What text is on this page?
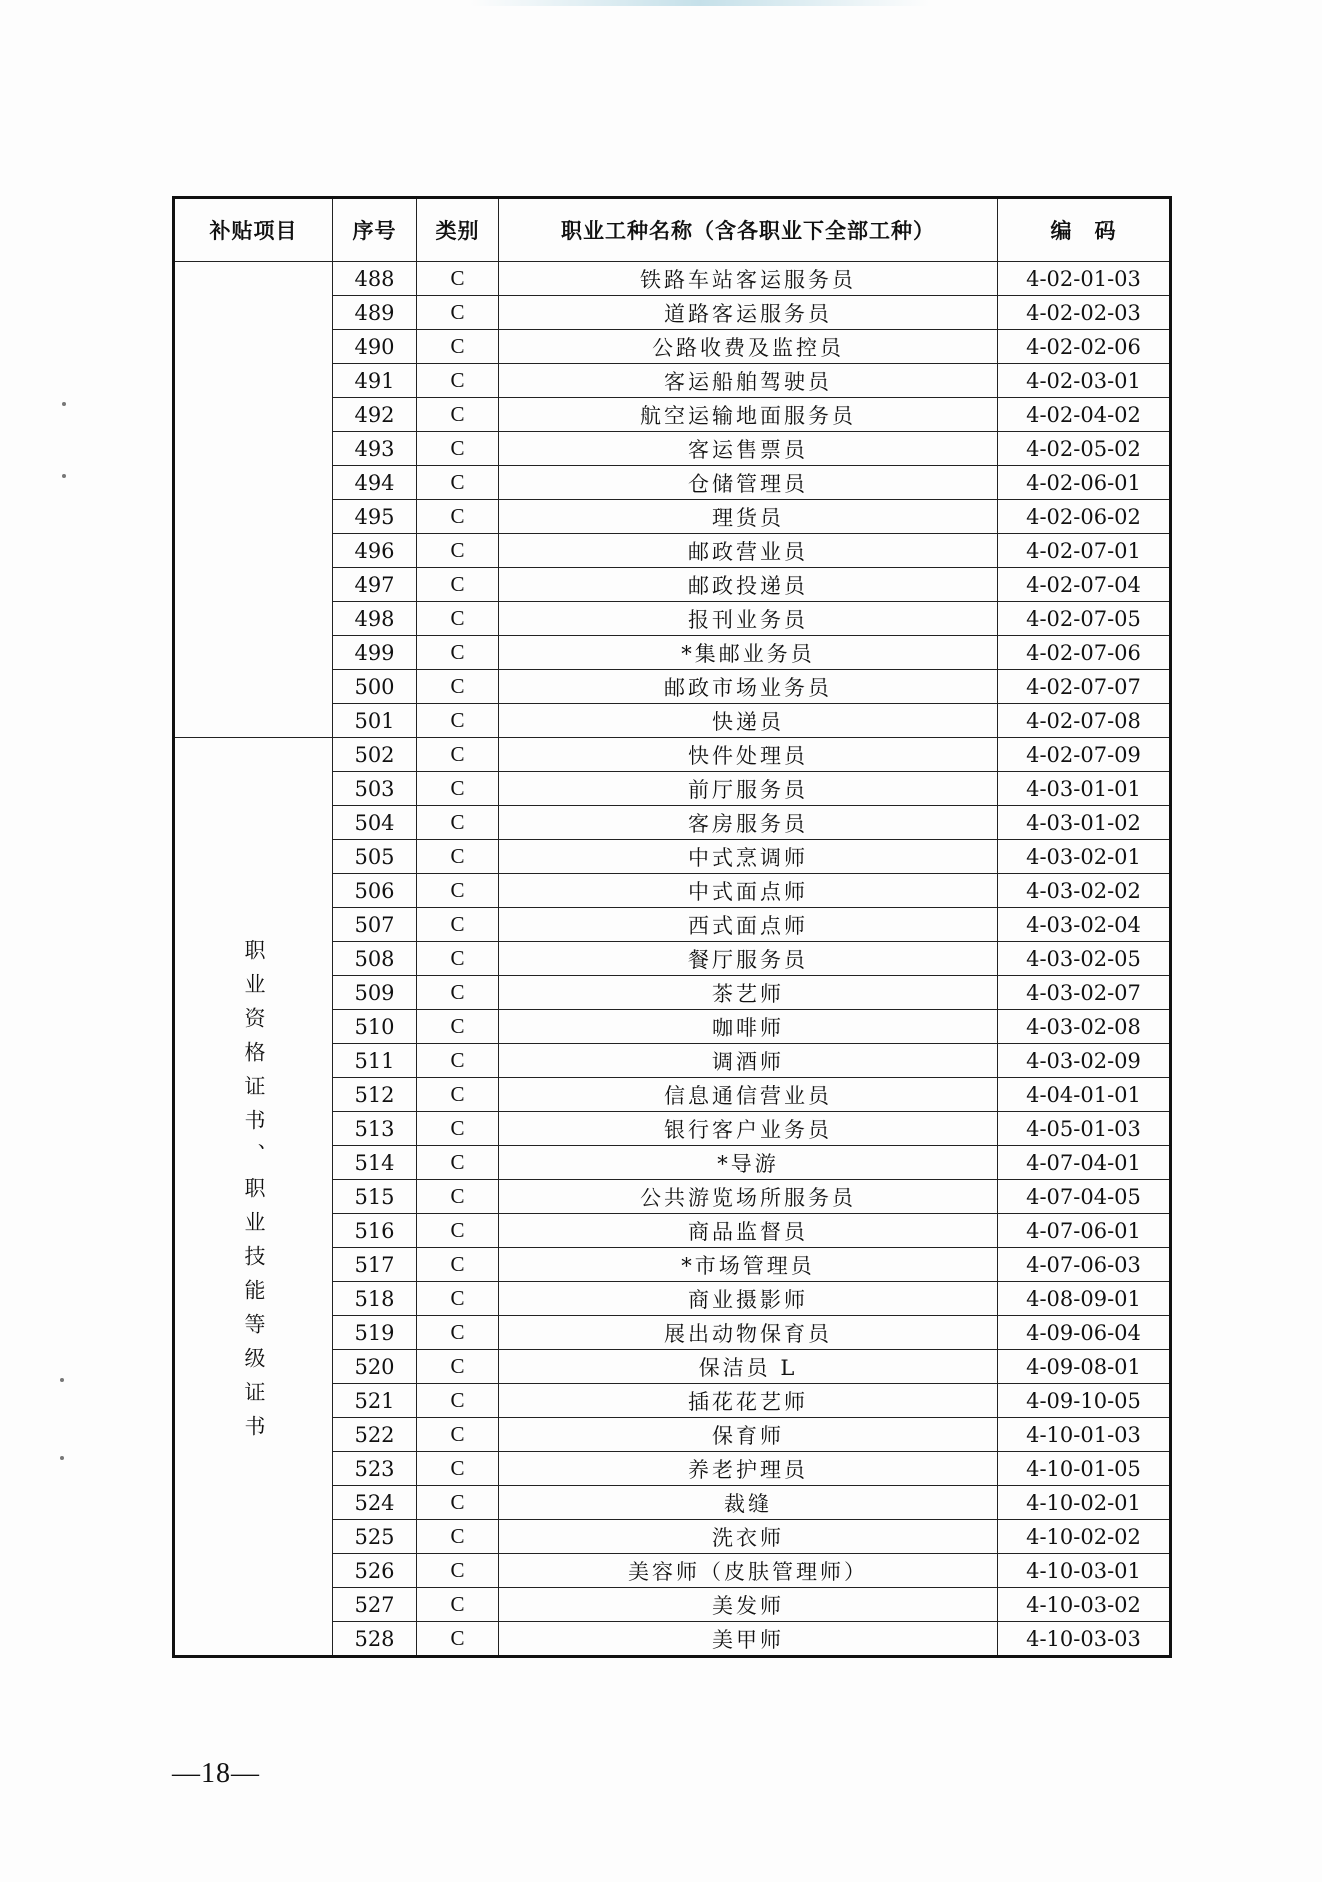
补贴项目	序号	类别	职业工种名称（含各职业下全部工种）	编　码
	488	C	铁路车站客运服务员	4-02-01-03
	489	C	道路客运服务员	4-02-02-03
	490	C	公路收费及监控员	4-02-02-06
	491	C	客运船舶驾驶员	4-02-03-01
	492	C	航空运输地面服务员	4-02-04-02
	493	C	客运售票员	4-02-05-02
	494	C	仓储管理员	4-02-06-01
	495	C	理货员	4-02-06-02
	496	C	邮政营业员	4-02-07-01
	497	C	邮政投递员	4-02-07-04
	498	C	报刊业务员	4-02-07-05
	499	C	*集邮业务员	4-02-07-06
	500	C	邮政市场业务员	4-02-07-07
	501	C	快递员	4-02-07-08
职业资格证书、职业技能等级证书	502	C	快件处理员	4-02-07-09
	503	C	前厅服务员	4-03-01-01
	504	C	客房服务员	4-03-01-02
	505	C	中式烹调师	4-03-02-01
	506	C	中式面点师	4-03-02-02
	507	C	西式面点师	4-03-02-04
	508	C	餐厅服务员	4-03-02-05
	509	C	茶艺师	4-03-02-07
	510	C	咖啡师	4-03-02-08
	511	C	调酒师	4-03-02-09
	512	C	信息通信营业员	4-04-01-01
	513	C	银行客户业务员	4-05-01-03
	514	C	*导游	4-07-04-01
	515	C	公共游览场所服务员	4-07-04-05
	516	C	商品监督员	4-07-06-01
	517	C	*市场管理员	4-07-06-03
	518	C	商业摄影师	4-08-09-01
	519	C	展出动物保育员	4-09-06-04
	520	C	保洁员 L	4-09-08-01
	521	C	插花花艺师	4-09-10-05
	522	C	保育师	4-10-01-03
	523	C	养老护理员	4-10-01-05
	524	C	裁缝	4-10-02-01
	525	C	洗衣师	4-10-02-02
	526	C	美容师（皮肤管理师）	4-10-03-01
	527	C	美发师	4-10-03-02
	528	C	美甲师	4-10-03-03
—18—
